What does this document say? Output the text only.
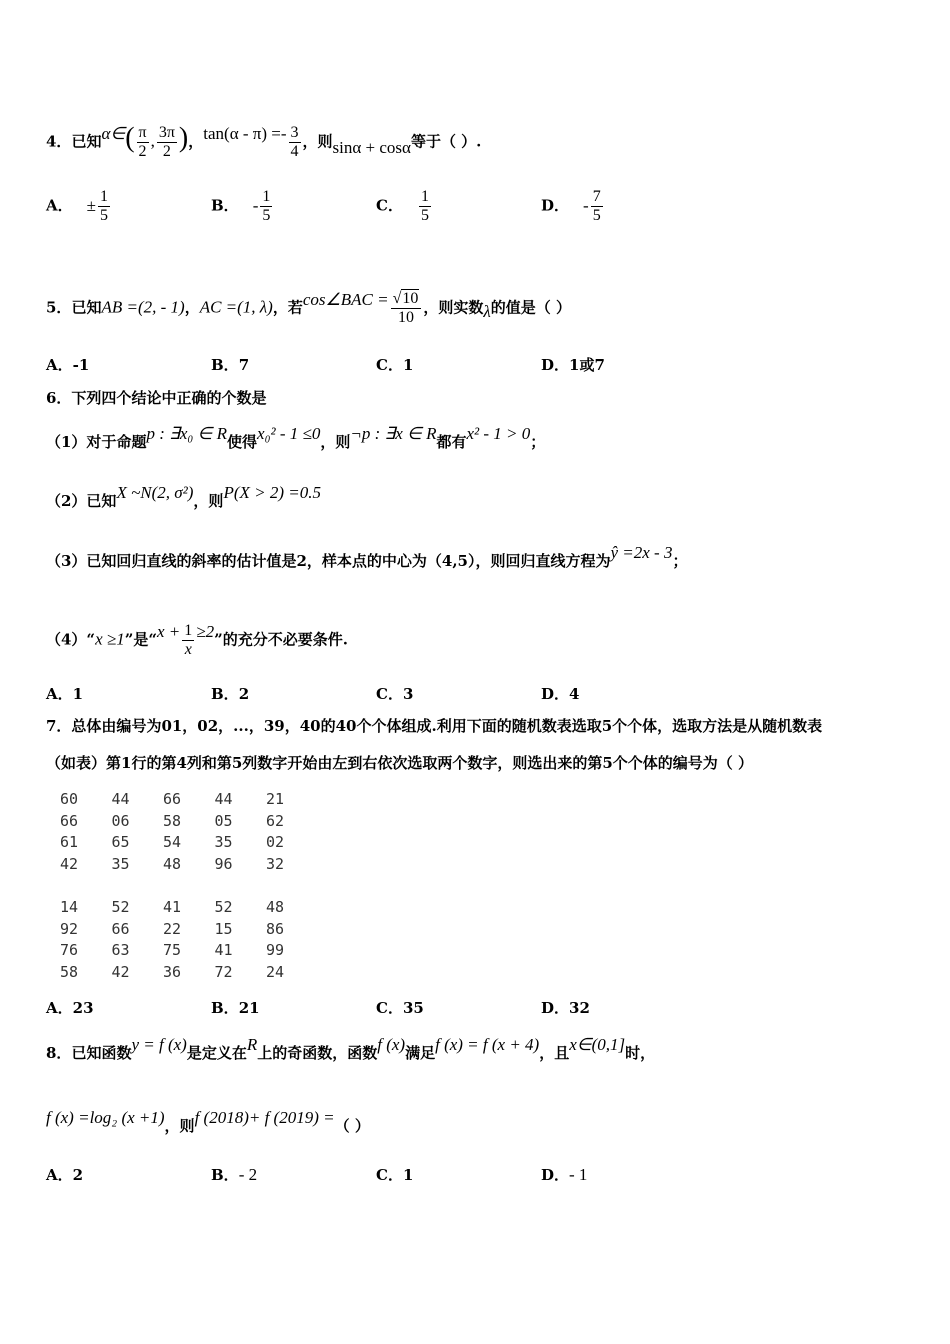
4．已知α∈( $\frac{\pi}{2}$ , $\frac{3\pi}{2}$ )，$\tan(\alpha - \pi) =- \frac{3}{4}$ ，则sinα + cosα等于（ ）.
A． ± $\frac{1}{5}$	B． - $\frac{1}{5}$	C． $\frac{1}{5}$	D． - $\frac{7}{5}$
5．已知AB =(2, - 1)，AC =(1, λ)，若cos∠BAC = $\frac{√10}{10}$ ，则实数λ的值是（ ）
A．-1	B．7	C．1	D．1或7
6．下列四个结论中正确的个数是
（1）对于命题p : ∃x₀ ∈ R使得x₀² - 1 ≤0，则¬p : ∃x ∈ R都有x² - 1 > 0；
（2）已知X ~N(2, σ²)，则P(X > 2) =0.5
（3）已知回归直线的斜率的估计值是2，样本点的中心为（4,5），则回归直线方程为ŷ =2x - 3；
（4）“x ≥1”是“$x + \frac{1}{x} \ge 2$”的充分不必要条件.
A．1	B．2	C．3	D．4
7．总体由编号为01，02，...，39，40的40个个体组成.利用下面的随机数表选取5个个体，选取方法是从随机数表
（如表）第1行的第4列和第5列数字开始由左到右依次选取两个数字，则选出来的第5个个体的编号为（ ）
60	44	66	44	21
66	06	58	05	62
61	65	54	35	02
42	35	48	96	32
14	52	41	52	48
92	66	22	15	86
76	63	75	41	99
58	42	36	72	24
A．23	B．21	C．35	D．32
8．已知函数y = f (x)是定义在R上的奇函数，函数f (x)满足f (x) = f (x + 4)，且x∈(0,1]时，
f (x) =log₂ (x +1)，则f (2018)+ f (2019) =（ ）
A．2	B．- 2	C．1	D．- 1
